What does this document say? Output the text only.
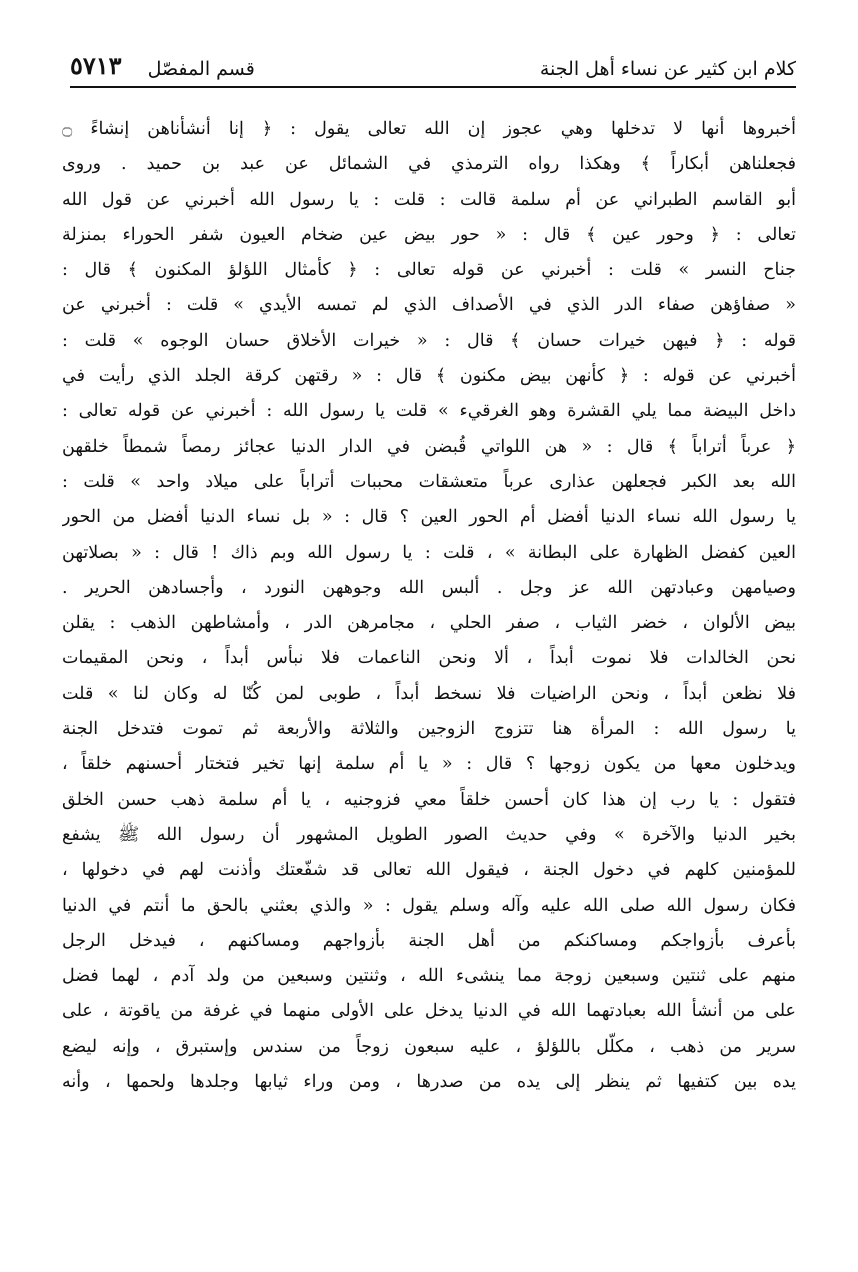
كلام ابن كثير عن نساء أهل الجنة
قسم المفصّل
٥٧١٣
أخبروها أنها لا تدخلها وهي عجوز إن الله تعالى يقول : ﴿ إنا أنشأناهن إنشاءً ۝
فجعلناهن أبكاراً ﴾ وهكذا رواه الترمذي في الشمائل عن عبد بن حميد . وروى
أبو القاسم الطبراني عن أم سلمة قالت : قلت : يا رسول الله أخبرني عن قول الله
تعالى : ﴿ وحور عين ﴾ قال : « حور بيض عين ضخام العيون شفر الحوراء بمنزلة
جناح النسر » قلت : أخبرني عن قوله تعالى : ﴿ كأمثال اللؤلؤ المكنون ﴾ قال :
« صفاؤهن صفاء الدر الذي في الأصداف الذي لم تمسه الأيدي » قلت : أخبرني عن
قوله : ﴿ فيهن خيرات حسان ﴾ قال : « خيرات الأخلاق حسان الوجوه » قلت :
أخبرني عن قوله : ﴿ كأنهن بيض مكنون ﴾ قال : « رقتهن كرقة الجلد الذي رأيت في
داخل البيضة مما يلي القشرة وهو الغرقيء » قلت يا رسول الله : أخبرني عن قوله تعالى :
﴿ عرباً أتراباً ﴾ قال : « هن اللواتي قُبضن في الدار الدنيا عجائز رمصاً شمطاً خلقهن
الله بعد الكبر فجعلهن عذارى عرباً متعشقات محببات أتراباً على ميلاد واحد » قلت :
يا رسول الله نساء الدنيا أفضل أم الحور العين ؟ قال : « بل نساء الدنيا أفضل من الحور
العين كفضل الظهارة على البطانة » ، قلت : يا رسول الله وبم ذاك ! قال : « بصلاتهن
وصيامهن وعبادتهن الله عز وجل . ألبس الله وجوههن النورد ، وأجسادهن الحرير .
بيض الألوان ، خضر الثياب ، صفر الحلي ، مجامرهن الدر ، وأمشاطهن الذهب : يقلن
نحن الخالدات فلا نموت أبداً ، ألا ونحن الناعمات فلا نبأس أبداً ، ونحن المقيمات
فلا نظعن أبداً ، ونحن الراضيات فلا نسخط أبداً ، طوبى لمن كُنّا له وكان لنا » قلت
يا رسول الله : المرأة هنا تتزوج الزوجين والثلاثة والأربعة ثم تموت فتدخل الجنة
ويدخلون معها من يكون زوجها ؟ قال : « يا أم سلمة إنها تخير فتختار أحسنهم خلقاً ،
فتقول : يا رب إن هذا كان أحسن خلقاً معي فزوجنيه ، يا أم سلمة ذهب حسن الخلق
بخير الدنيا والآخرة » وفي حديث الصور الطويل المشهور أن رسول الله ﷺ يشفع
للمؤمنين كلهم في دخول الجنة ، فيقول الله تعالى قد شفّعتك وأذنت لهم في دخولها ،
فكان رسول الله صلى الله عليه وآله وسلم يقول : « والذي بعثني بالحق ما أنتم في الدنيا
بأعرف بأزواجكم ومساكنكم من أهل الجنة بأزواجهم ومساكنهم ، فيدخل الرجل
منهم على ثنتين وسبعين زوجة مما ينشىء الله ، وثنتين وسبعين من ولد آدم ، لهما فضل
على من أنشأ الله بعبادتهما الله في الدنيا يدخل على الأولى منهما في غرفة من ياقوتة ، على
سرير من ذهب ، مكلّل باللؤلؤ ، عليه سبعون زوجاً من سندس وإستبرق ، وإنه ليضع
يده بين كتفيها ثم ينظر إلى يده من صدرها ، ومن وراء ثيابها وجلدها ولحمها ، وأنه
